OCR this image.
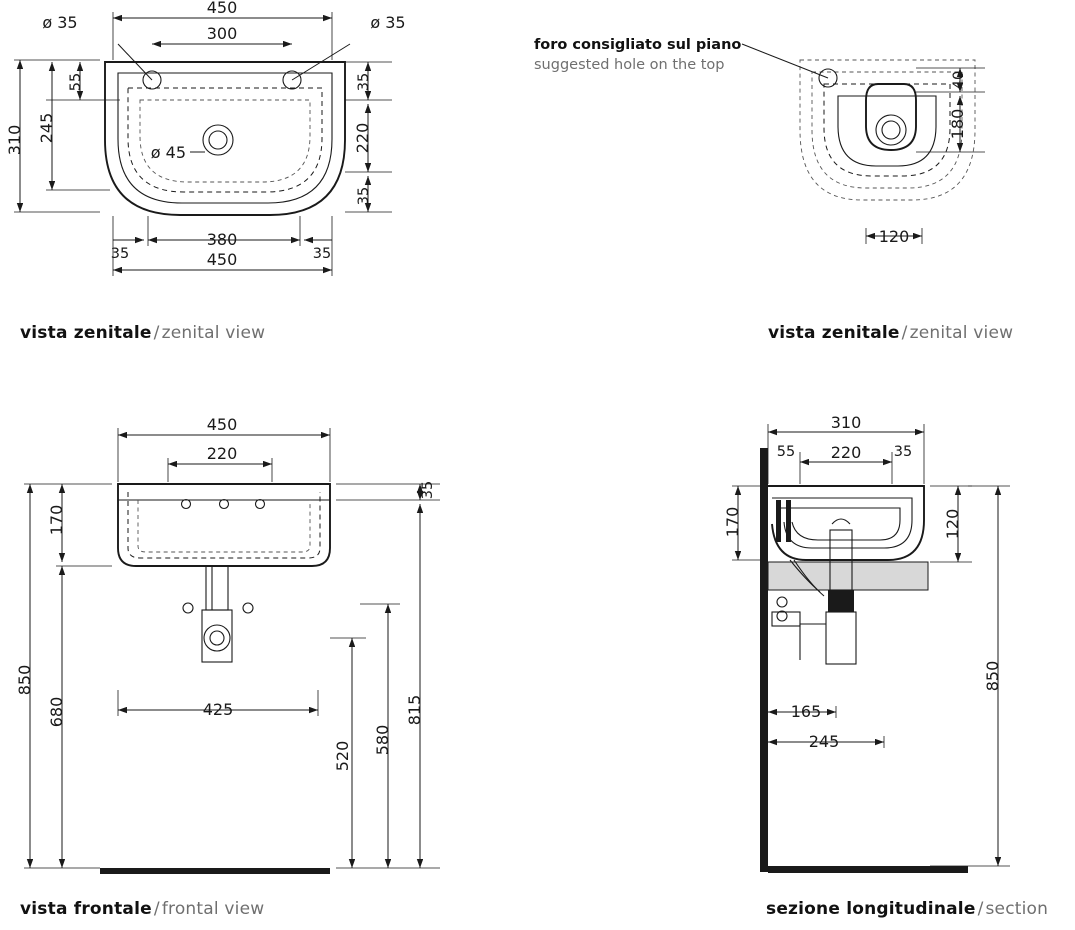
450
300
ø 35	ø 35
310 245
55	35
220
35
380
35	35
450
ø 45
40
180
120
450
220
850
680
170
35
815
580
520
425
310
55 220 35
170	120
850
165
245
foro consigliato sul piano
suggested hole on the top
vista zenitale / zenital view	vista zenitale / zenital view
vista frontale / frontal view	sezione longitudinale / section
